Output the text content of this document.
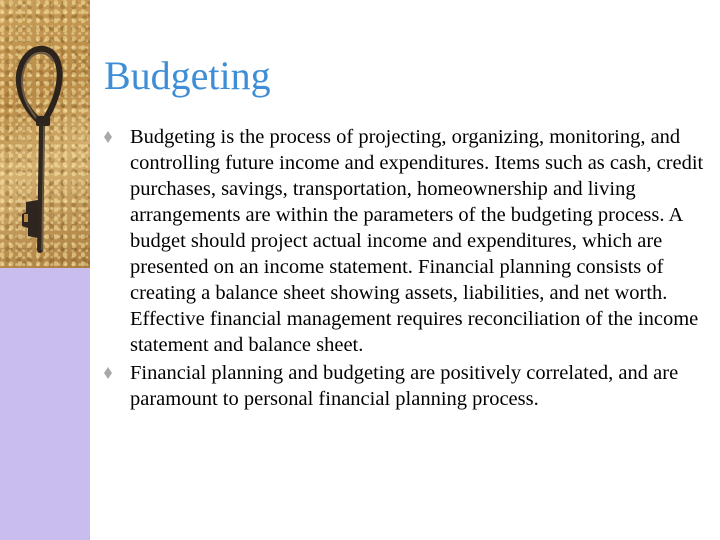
Budgeting
Budgeting is the process of projecting, organizing, monitoring, and controlling future income and expenditures. Items such as cash, credit purchases, savings, transportation, homeownership and living arrangements are within the parameters of the budgeting process. A budget should project actual income and expenditures, which are presented on an income statement. Financial planning consists of creating a balance sheet showing assets, liabilities, and net worth. Effective financial management requires reconciliation of the income statement and balance sheet.
Financial planning and budgeting are positively correlated, and are paramount to personal financial planning process.
